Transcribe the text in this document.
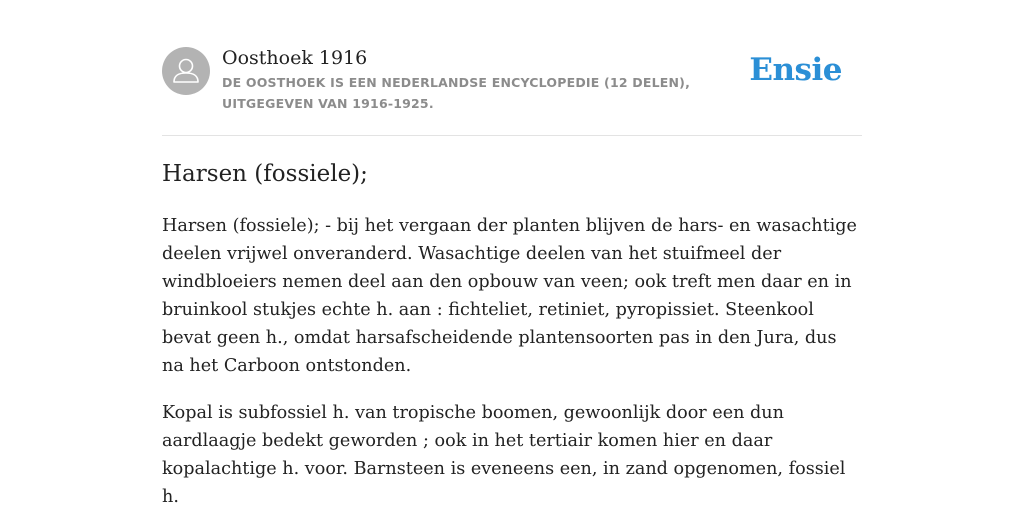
Oosthoek 1916
DE OOSTHOEK IS EEN NEDERLANDSE ENCYCLOPEDIE (12 DELEN), UITGEGEVEN VAN 1916-1925.
Ensie
Harsen (fossiele);

Harsen (fossiele); - bij het vergaan der planten blijven de hars- en wasachtige deelen vrijwel onveranderd. Wasachtige deelen van het stuifmeel der windbloeiers nemen deel aan den opbouw van veen; ook treft men daar en in bruinkool stukjes echte h. aan : fichteliet, retiniet, pyropissiet. Steenkool bevat geen h., omdat harsafscheidende plantensoorten pas in den Jura, dus na het Carboon ontstonden.

Kopal is subfossiel h. van tropische boomen, gewoonlijk door een dun aardlaagje bedekt geworden ; ook in het tertiair komen hier en daar kopalachtige h. voor. Barnsteen is eveneens een, in zand opgenomen, fossiel h.
